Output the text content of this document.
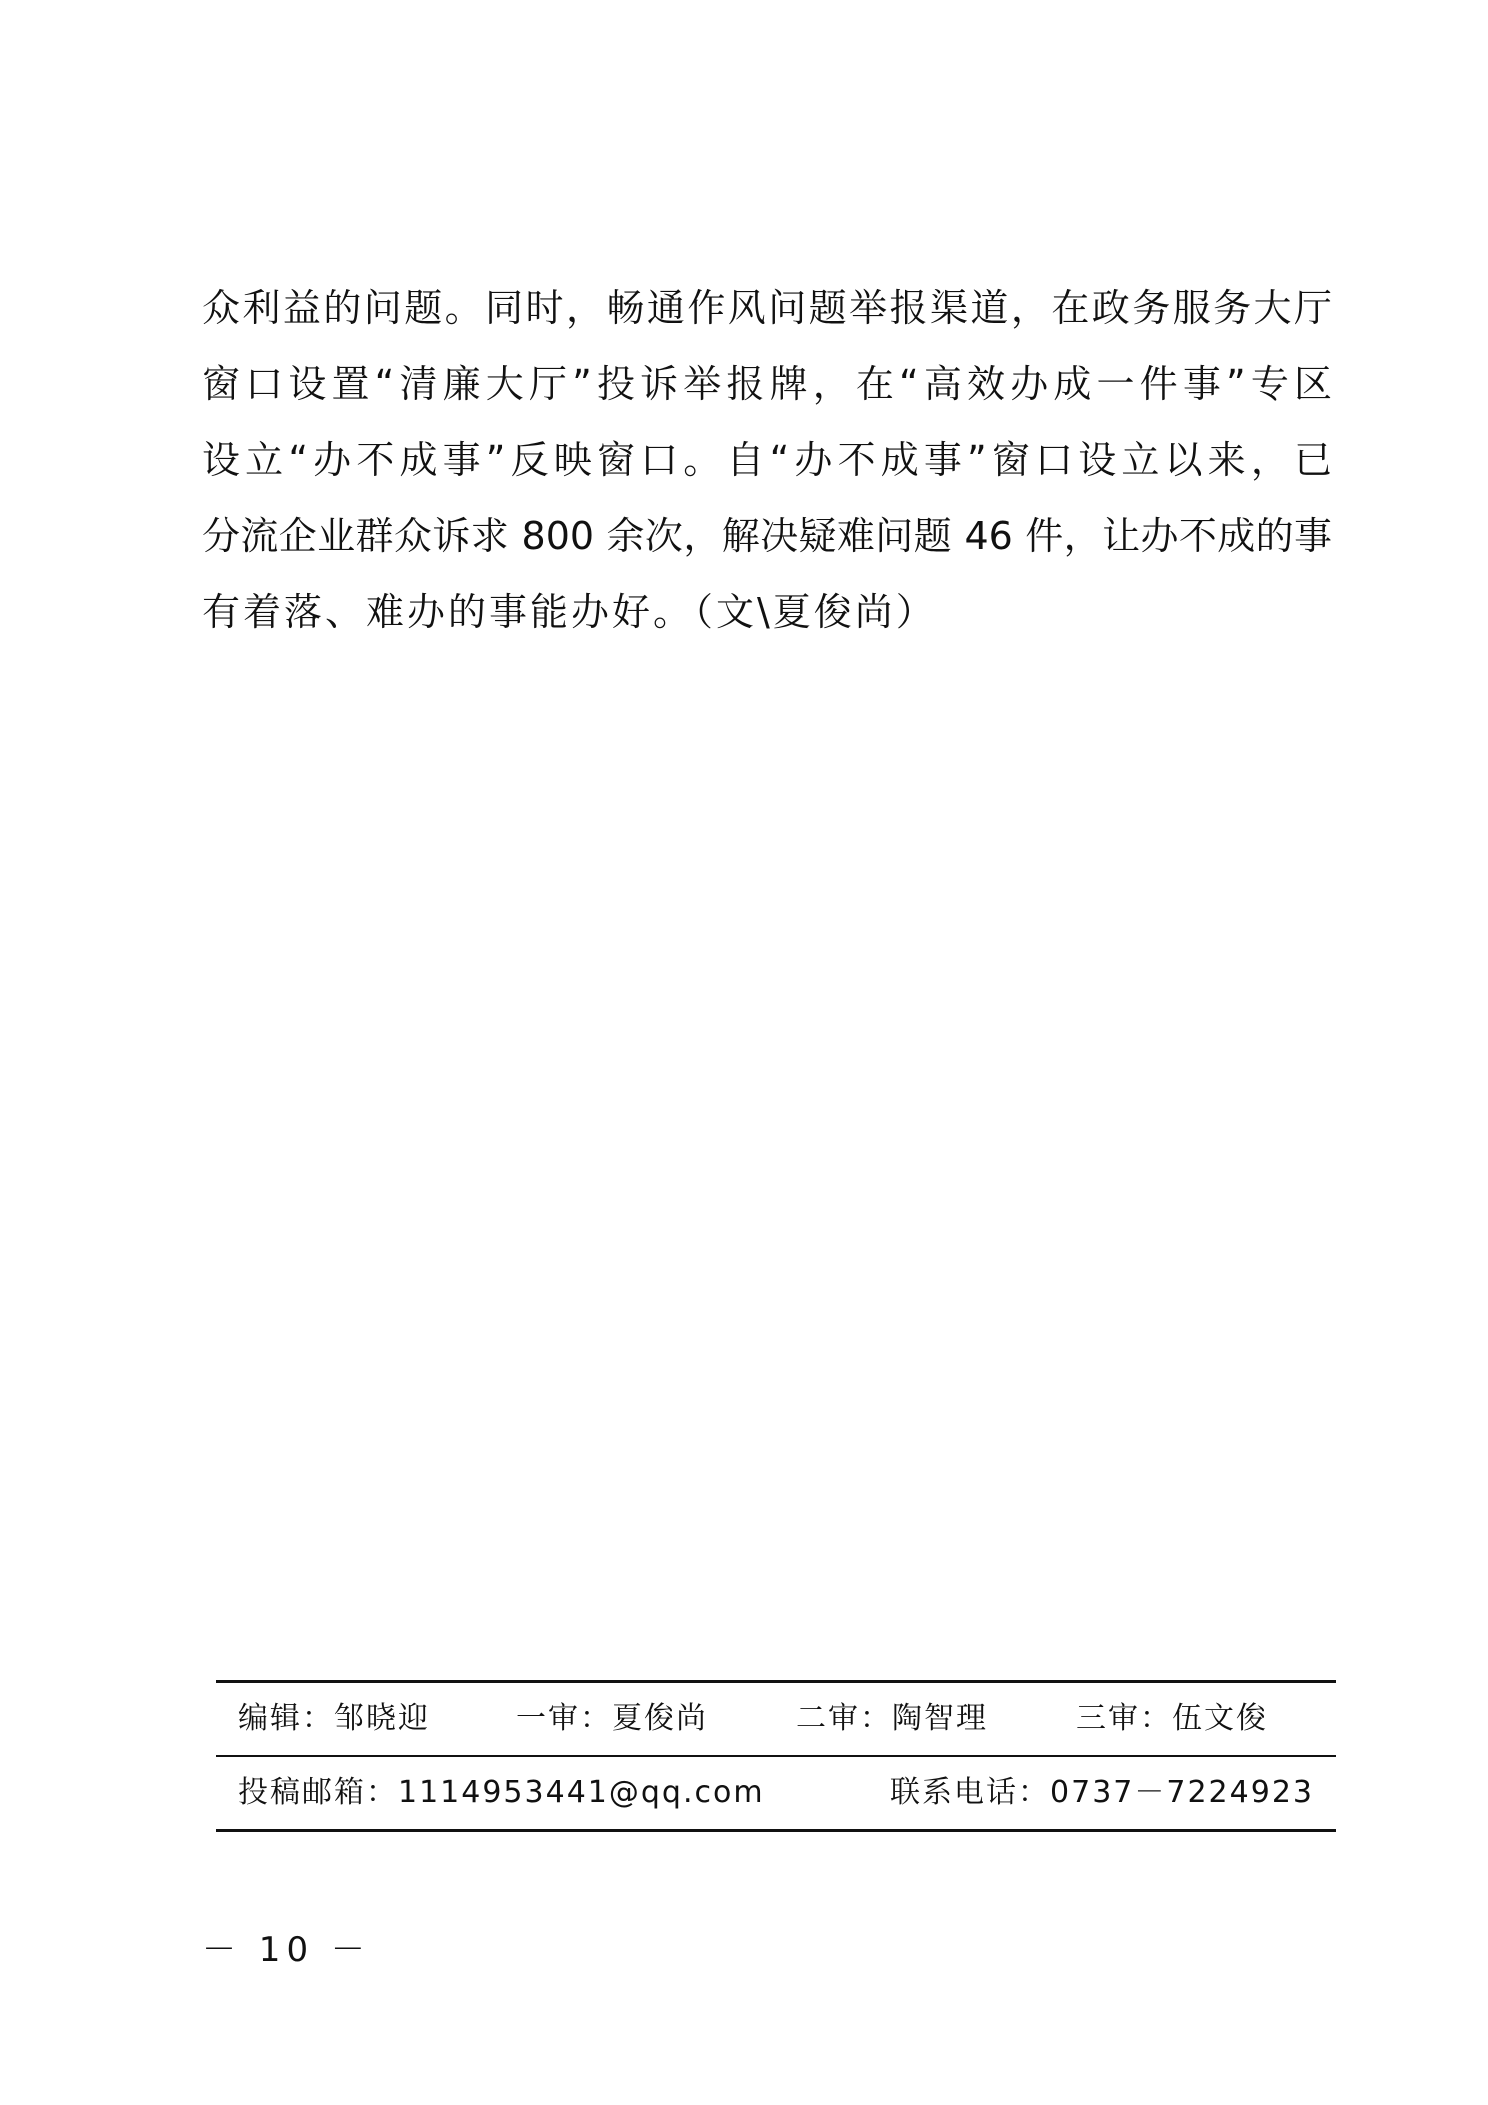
众利益的问题。同时，畅通作风问题举报渠道，在政务服务大厅
窗口设置“清廉大厅”投诉举报牌，在“高效办成一件事”专区
设立“办不成事”反映窗口。自“办不成事”窗口设立以来，已
分流企业群众诉求 800 余次，解决疑难问题 46 件，让办不成的事
有着落、难办的事能办好。（文\夏俊尚）
编辑：邹晓迎	一审：夏俊尚	二审：陶智理	三审：伍文俊
投稿邮箱：1114953441@qq.com	联系电话：0737－7224923
－ 10 －
